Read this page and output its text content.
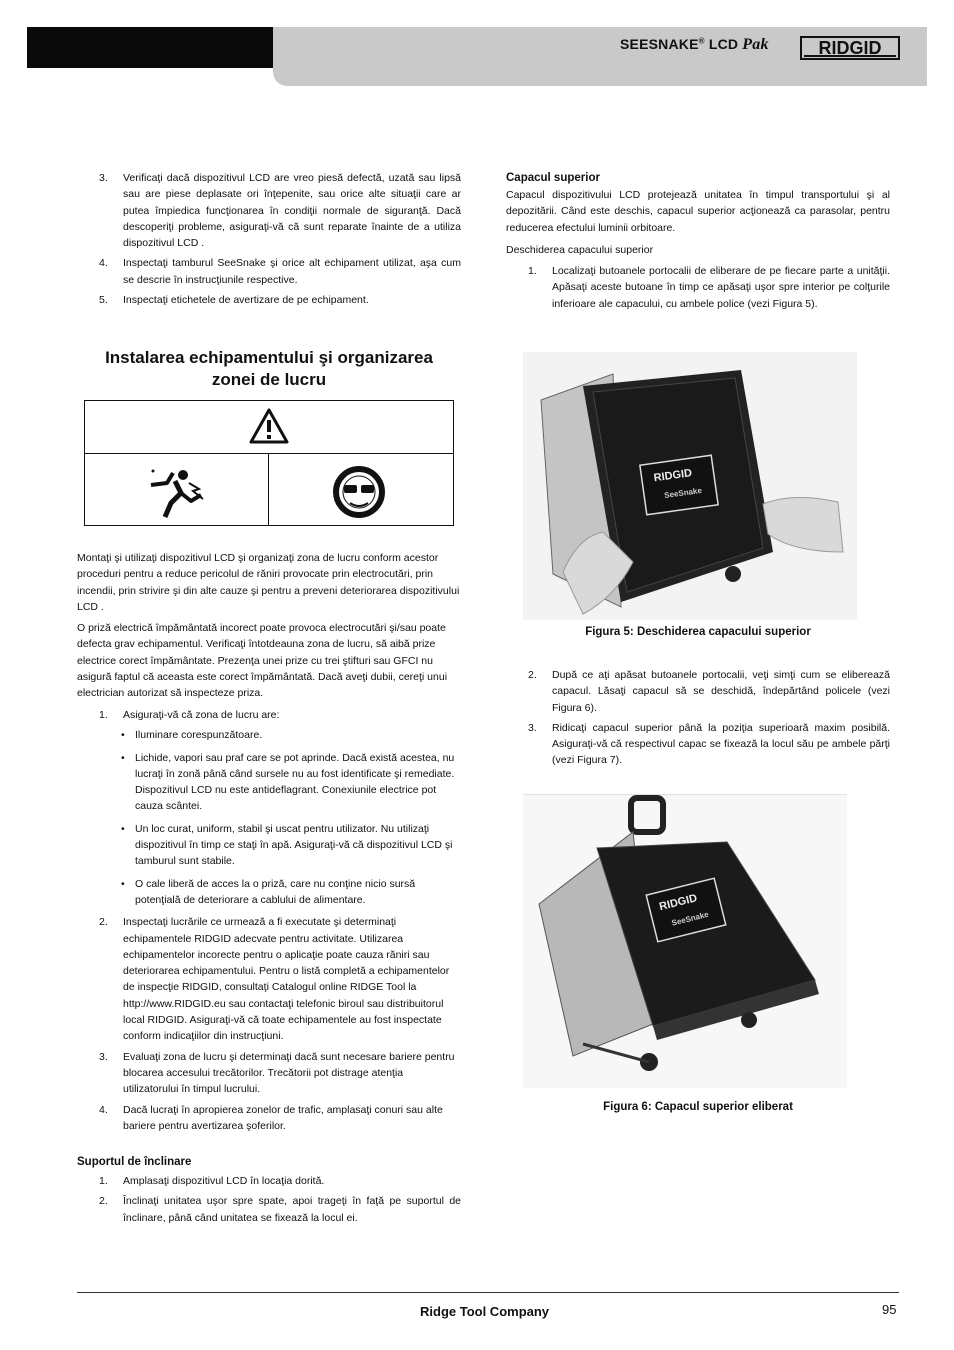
SEESNAKE® LCD Pak	RIDGID
3. Verificaţi dacă dispozitivul LCD are vreo piesă defectă, uzată sau lipsă sau are piese deplasate ori înţepenite, sau orice alte situaţii care ar putea împiedica funcţionarea în condiţii normale de siguranţă. Dacă descoperiţi probleme, asiguraţi-vă că sunt reparate înainte de a utiliza dispozitivul LCD .
4. Inspectaţi tamburul SeeSnake şi orice alt echipament utilizat, aşa cum se descrie în instrucţiunile respective.
5. Inspectaţi etichetele de avertizare de pe echipament.
Instalarea echipamentului şi organizarea
zonei de lucru
Montaţi şi utilizaţi dispozitivul LCD şi organizaţi zona de lucru conform acestor proceduri pentru a reduce pericolul de răniri provocate prin electrocutări, prin incendii, prin strivire şi din alte cauze şi pentru a preveni deteriorarea dispozitivului LCD .
O priză electrică împământată incorect poate provoca electrocutări şi/sau poate defecta grav echipamentul. Verificaţi întotdeauna zona de lucru, să aibă prize electrice corect împământate. Prezenţa unei prize cu trei ştifturi sau GFCI nu asigură faptul că aceasta este corect împământată. Dacă aveţi dubii, cereţi unui electrician autorizat să inspecteze priza.
1. Asiguraţi-vă că zona de lucru are:
• Iluminare corespunzătoare.
• Lichide, vapori sau praf care se pot aprinde. Dacă există acestea, nu lucraţi în zonă până când sursele nu au fost identificate şi remediate. Dispozitivul LCD nu este antideflagrant. Conexiunile electrice pot cauza scântei.
• Un loc curat, uniform, stabil şi uscat pentru utilizator. Nu utilizaţi dispozitivul în timp ce staţi în apă. Asiguraţi-vă că dispozitivul LCD şi tamburul sunt stabile.
• O cale liberă de acces la o priză, care nu conţine nicio sursă potenţială de deteriorare a cablului de alimentare.
2. Inspectaţi lucrările ce urmează a fi executate şi determinaţi echipamentele RIDGID adecvate pentru activitate. Utilizarea echipamentelor incorecte pentru o aplicaţie poate cauza răniri sau deteriorarea echipamentului. Pentru o listă completă a echipamentelor de inspecţie RIDGID, consultaţi Catalogul online RIDGE Tool la http://www.RIDGID.eu sau contactaţi telefonic biroul sau distribuitorul local RIDGID. Asiguraţi-vă că toate echipamentele au fost inspectate conform indicaţiilor din instrucţiuni.
3. Evaluaţi zona de lucru şi determinaţi dacă sunt necesare bariere pentru blocarea accesului trecătorilor. Trecătorii pot distrage atenţia utilizatorului în timpul lucrului.
4. Dacă lucraţi în apropierea zonelor de trafic, amplasaţi conuri sau alte bariere pentru avertizarea şoferilor.
Suportul de înclinare
1. Amplasaţi dispozitivul LCD în locaţia dorită.
2. Înclinaţi unitatea uşor spre spate, apoi trageţi în faţă pe suportul de înclinare, până când unitatea se fixează la locul ei.
Capacul superior
Capacul dispozitivului LCD protejează unitatea în timpul transportului şi al depozitării. Când este deschis, capacul superior acţionează ca parasolar, pentru reducerea efectului luminii orbitoare.
Deschiderea capacului superior
1. Localizaţi butoanele portocalii de eliberare de pe fiecare parte a unităţii. Apăsaţi aceste butoane în timp ce apăsaţi uşor spre interior pe colţurile inferioare ale capacului, cu ambele police (vezi Figura 5).
RIDGID
SeeSnake
Figura 5: Deschiderea capacului superior
2. După ce aţi apăsat butoanele portocalii, veţi simţi cum se eliberează capacul. Lăsaţi capacul să se deschidă, îndepărtând policele (vezi Figura 6).
3. Ridicaţi capacul superior până la poziţia superioară maxim posibilă. Asiguraţi-vă că respectivul capac se fixează la locul său pe ambele părţi (vezi Figura 7).
RIDGID
SeeSnake
Figura 6: Capacul superior eliberat
Ridge Tool Company	95
